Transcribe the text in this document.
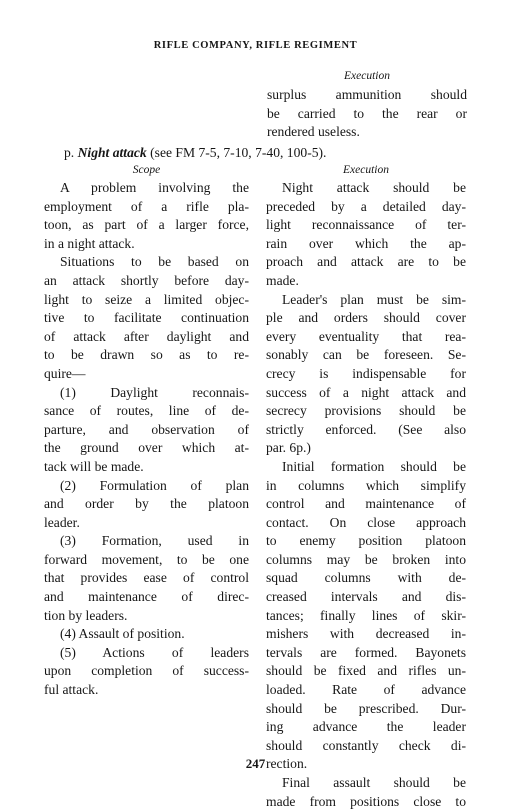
RIFLE COMPANY, RIFLE REGIMENT
Execution

surplus ammunition should

be carried to the rear or

rendered useless.

p. Night attack (see FM 7-5, 7-10, 7-40, 100-5).
Scope

A problem involving the

employment of a rifle pla-

toon, as part of a larger force,

in a night attack.

Situations to be based on

an attack shortly before day-

light to seize a limited objec-

tive to facilitate continuation

of attack after daylight and

to be drawn so as to re-

quire—

(1) Daylight reconnais-

sance of routes, line of de-

parture, and observation of

the ground over which at-

tack will be made.

(2) Formulation of plan

and order by the platoon

leader.

(3) Formation, used in

forward movement, to be one

that provides ease of control

and maintenance of direc-

tion by leaders.

(4) Assault of position.

(5) Actions of leaders

upon completion of success-

ful attack.

Execution

Night attack should be

preceded by a detailed day-

light reconnaissance of ter-

rain over which the ap-

proach and attack are to be

made.

Leader's plan must be sim-

ple and orders should cover

every eventuality that rea-

sonably can be foreseen. Se-

crecy is indispensable for

success of a night attack and

secrecy provisions should be

strictly enforced. (See also

par. 6p.)

Initial formation should be

in columns which simplify

control and maintenance of

contact. On close approach

to enemy position platoon

columns may be broken into

squad columns with de-

creased intervals and dis-

tances; finally lines of skir-

mishers with decreased in-

tervals are formed. Bayonets

should be fixed and rifles un-

loaded. Rate of advance

should be prescribed. Dur-

ing advance the leader

should constantly check di-

rection.

Final assault should be

made from positions close to

247
